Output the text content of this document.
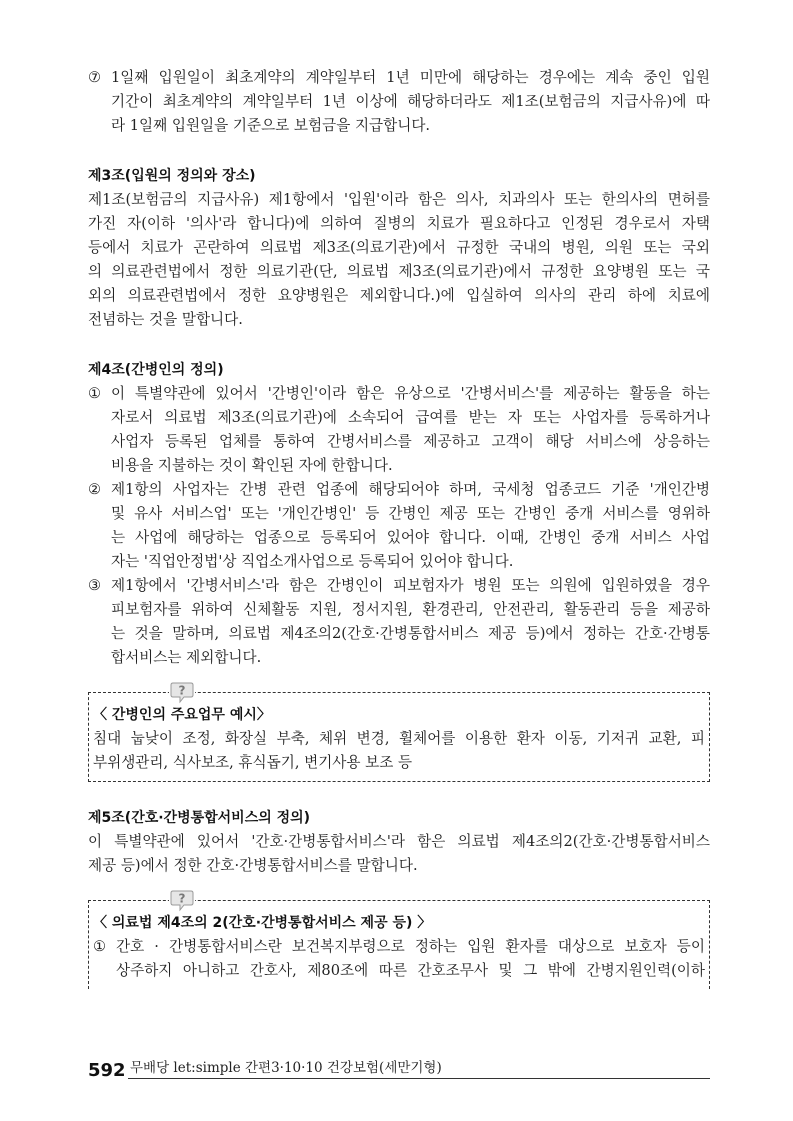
⑦ 1일째 입원일이 최초계약의 계약일부터 1년 미만에 해당하는 경우에는 계속 중인 입원
기간이 최초계약의 계약일부터 1년 이상에 해당하더라도 제1조(보험금의 지급사유)에 따
라 1일째 입원일을 기준으로 보험금을 지급합니다.
제3조(입원의 정의와 장소)
제1조(보험금의 지급사유) 제1항에서 '입원'이라 함은 의사, 치과의사 또는 한의사의 면허를
가진 자(이하 '의사'라 합니다)에 의하여 질병의 치료가 필요하다고 인정된 경우로서 자택
등에서 치료가 곤란하여 의료법 제3조(의료기관)에서 규정한 국내의 병원, 의원 또는 국외
의 의료관련법에서 정한 의료기관(단, 의료법 제3조(의료기관)에서 규정한 요양병원 또는 국
외의 의료관련법에서 정한 요양병원은 제외합니다.)에 입실하여 의사의 관리 하에 치료에
전념하는 것을 말합니다.
제4조(간병인의 정의)
① 이 특별약관에 있어서 '간병인'이라 함은 유상으로 '간병서비스'를 제공하는 활동을 하는
자로서 의료법 제3조(의료기관)에 소속되어 급여를 받는 자 또는 사업자를 등록하거나
사업자 등록된 업체를 통하여 간병서비스를 제공하고 고객이 해당 서비스에 상응하는
비용을 지불하는 것이 확인된 자에 한합니다.
② 제1항의 사업자는 간병 관련 업종에 해당되어야 하며, 국세청 업종코드 기준 '개인간병
및 유사 서비스업' 또는 '개인간병인' 등 간병인 제공 또는 간병인 중개 서비스를 영위하
는 사업에 해당하는 업종으로 등록되어 있어야 합니다. 이때, 간병인 중개 서비스 사업
자는 '직업안정법'상 직업소개사업으로 등록되어 있어야 합니다.
③ 제1항에서 '간병서비스'라 함은 간병인이 피보험자가 병원 또는 의원에 입원하였을 경우
피보험자를 위하여 신체활동 지원, 정서지원, 환경관리, 안전관리, 활동관리 등을 제공하
는 것을 말하며, 의료법 제4조의2(간호·간병통합서비스 제공 등)에서 정하는 간호·간병통
합서비스는 제외합니다.
?
〈 간병인의 주요업무 예시〉
침대 눕낮이 조정, 화장실 부축, 체위 변경, 휠체어를 이용한 환자 이동, 기저귀 교환, 피
부위생관리, 식사보조, 휴식돕기, 변기사용 보조 등
제5조(간호·간병통합서비스의 정의)
이 특별약관에 있어서 '간호·간병통합서비스'라 함은 의료법 제4조의2(간호·간병통합서비스
제공 등)에서 정한 간호·간병통합서비스를 말합니다.
?
〈 의료법 제4조의 2(간호·간병통합서비스 제공 등) 〉
① 간호 · 간병통합서비스란 보건복지부령으로 정하는 입원 환자를 대상으로 보호자 등이
상주하지 아니하고 간호사, 제80조에 따른 간호조무사 및 그 밖에 간병지원인력(이하
592 무배당 let:simple 간편3·10·10 건강보험(세만기형)
